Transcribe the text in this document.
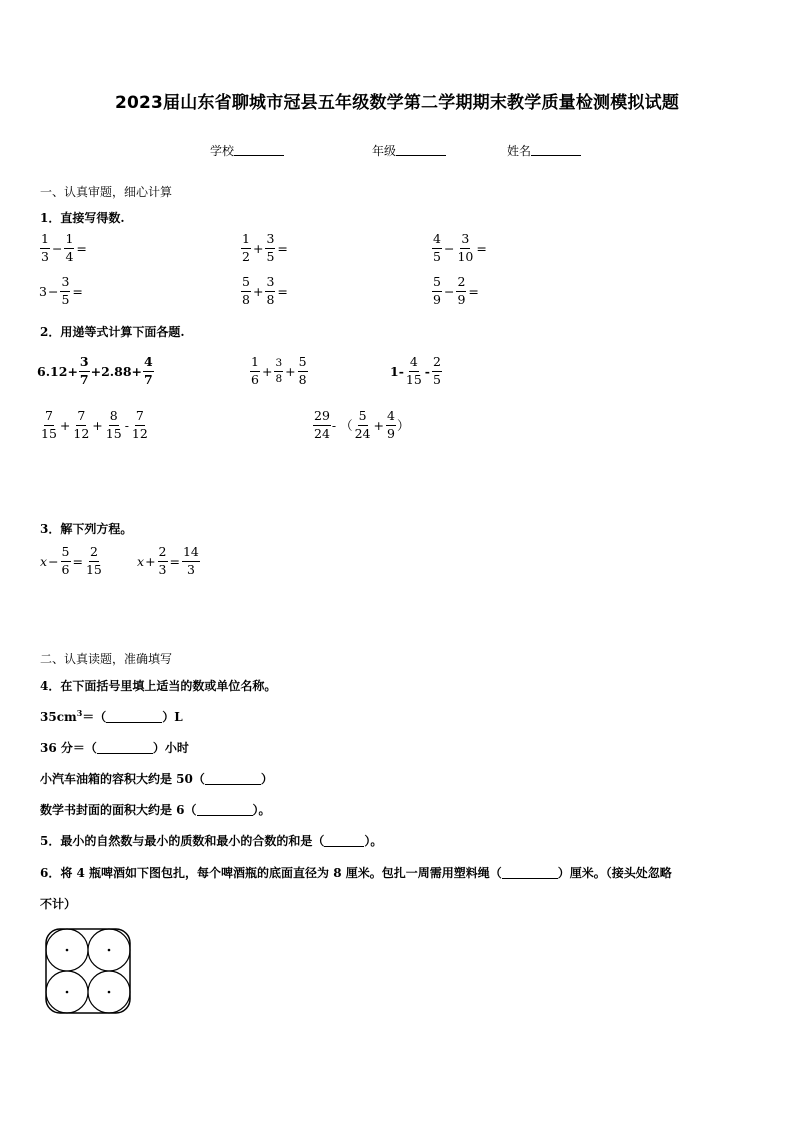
2023届山东省聊城市冠县五年级数学第二学期期末教学质量检测模拟试题
学校	年级	姓名
一、认真审题，细心计算
1．直接写得数.
$\frac{1}{3} - \frac{1}{4}$ =	$\frac{1}{2} + \frac{3}{5}$ =	$\frac{4}{5} - \frac{3}{10}$ =
$3 - \frac{3}{5}$ =	$\frac{5}{8} + \frac{3}{8}$ =	$\frac{5}{9} - \frac{2}{9}$ =
2．用递等式计算下面各题.
$6.12+ \frac{3}{7} +2.88+ \frac{4}{7}$	$\frac{1}{6} + \frac{3}{8} + \frac{5}{8}$	$1- \frac{4}{15} - \frac{2}{5}$
$\frac{7}{15} + \frac{7}{12} + \frac{8}{15} - \frac{7}{12}$	$\frac{29}{24}$ - （ $\frac{5}{24} + \frac{4}{9}$ ）
3．解下列方程。
$x - \frac{5}{6} = \frac{2}{15}$	$x + \frac{2}{3} = \frac{14}{3}$
二、认真读题，准确填写
4．在下面括号里填上适当的数或单位名称。
$35cm^3=$（	）L
36 分＝（	）小时
小汽车油箱的容积大约是 50（	）
数学书封面的面积大约是 6（	）。
5．最小的自然数与最小的质数和最小的合数的和是（	）。
6．将 4 瓶啤酒如下图包扎，每个啤酒瓶的底面直径为 8 厘米。包扎一周需用塑料绳（	）厘米。（接头处忽略
不计）
